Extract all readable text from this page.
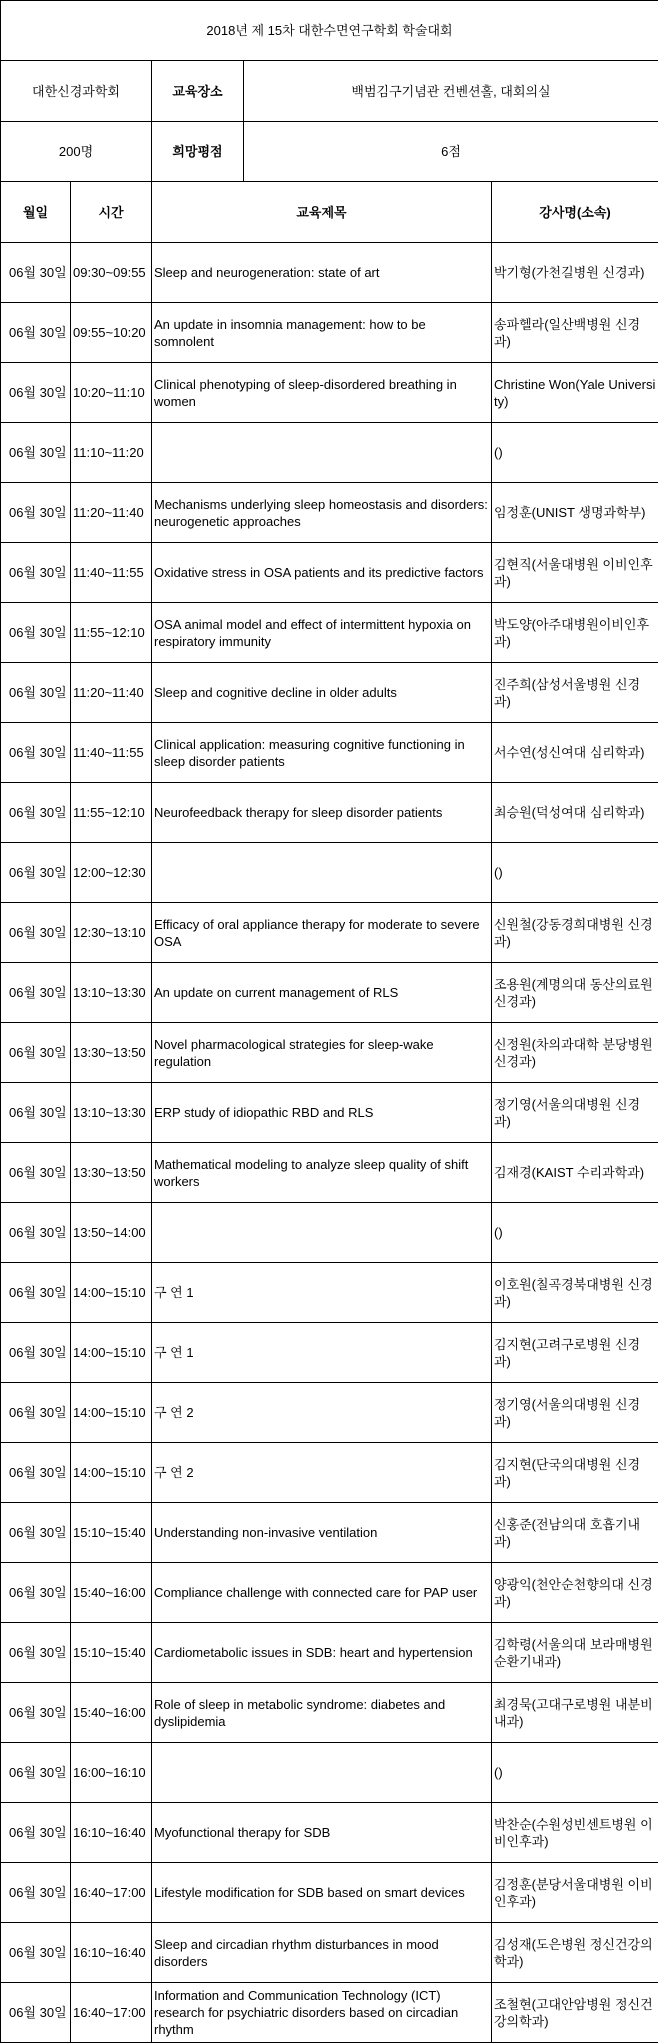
2018년 제 15차 대한수면연구학회 학술대회				
대한신경과학회		교육장소	백범김구기념관 컨벤션홀, 대회의실	
200명		희망평점	6점	
월일	시간	교육제목		강사명(소속)
06월 30일	09:30~09:55	Sleep and neurogeneration: state of art		박기형(가천길병원 신경과)
06월 30일	09:55~10:20	An update in insomnia management: how to be somnolent		송파헬라(일산백병원 신경과)
06월 30일	10:20~11:10	Clinical phenotyping of sleep-disordered breathing in women		Christine Won(Yale University)
06월 30일	11:10~11:20			()
06월 30일	11:20~11:40	Mechanisms underlying sleep homeostasis and disorders: neurogenetic approaches		임정훈(UNIST 생명과학부)
06월 30일	11:40~11:55	Oxidative stress in OSA patients and its predictive factors		김현직(서울대병원 이비인후과)
06월 30일	11:55~12:10	OSA animal model and effect of intermittent hypoxia on respiratory immunity		박도양(아주대병원이비인후과)
06월 30일	11:20~11:40	Sleep and cognitive decline in older adults		진주희(삼성서울병원 신경과)
06월 30일	11:40~11:55	Clinical application: measuring cognitive functioning in sleep disorder patients		서수연(성신여대 심리학과)
06월 30일	11:55~12:10	Neurofeedback therapy for sleep disorder patients		최승원(덕성여대 심리학과)
06월 30일	12:00~12:30			()
06월 30일	12:30~13:10	Efficacy of oral appliance therapy for moderate to severe OSA		신원철(강동경희대병원 신경과)
06월 30일	13:10~13:30	An update on current management of RLS		조용원(계명의대 동산의료원 신경과)
06월 30일	13:30~13:50	Novel pharmacological strategies for sleep-wake regulation		신정원(차의과대학 분당병원 신경과)
06월 30일	13:10~13:30	ERP study of idiopathic RBD and RLS		정기영(서울의대병원 신경과)
06월 30일	13:30~13:50	Mathematical modeling to analyze sleep quality of shift workers		김재경(KAIST 수리과학과)
06월 30일	13:50~14:00			()
06월 30일	14:00~15:10	구 연 1		이호원(칠곡경북대병원 신경과)
06월 30일	14:00~15:10	구 연 1		김지현(고려구로병원 신경과)
06월 30일	14:00~15:10	구 연 2		정기영(서울의대병원 신경과)
06월 30일	14:00~15:10	구 연 2		김지현(단국의대병원 신경과)
06월 30일	15:10~15:40	Understanding non-invasive ventilation		신홍준(전남의대 호흡기내과)
06월 30일	15:40~16:00	Compliance challenge with connected care for PAP user		양광익(천안순천향의대 신경과)
06월 30일	15:10~15:40	Cardiometabolic issues in SDB: heart and hypertension		김학령(서울의대 보라매병원 순환기내과)
06월 30일	15:40~16:00	Role of sleep in metabolic syndrome: diabetes and dyslipidemia		최경묵(고대구로병원 내분비내과)
06월 30일	16:00~16:10			()
06월 30일	16:10~16:40	Myofunctional therapy for SDB		박찬순(수원성빈센트병원 이비인후과)
06월 30일	16:40~17:00	Lifestyle modification for SDB based on smart devices		김정훈(분당서울대병원 이비인후과)
06월 30일	16:10~16:40	Sleep and circadian rhythm disturbances in mood disorders		김성재(도은병원 정신건강의학과)
06월 30일	16:40~17:00	Information and Communication Technology (ICT) research for psychiatric disorders based on circadian rhythm		조철현(고대안암병원 정신건강의학과)
